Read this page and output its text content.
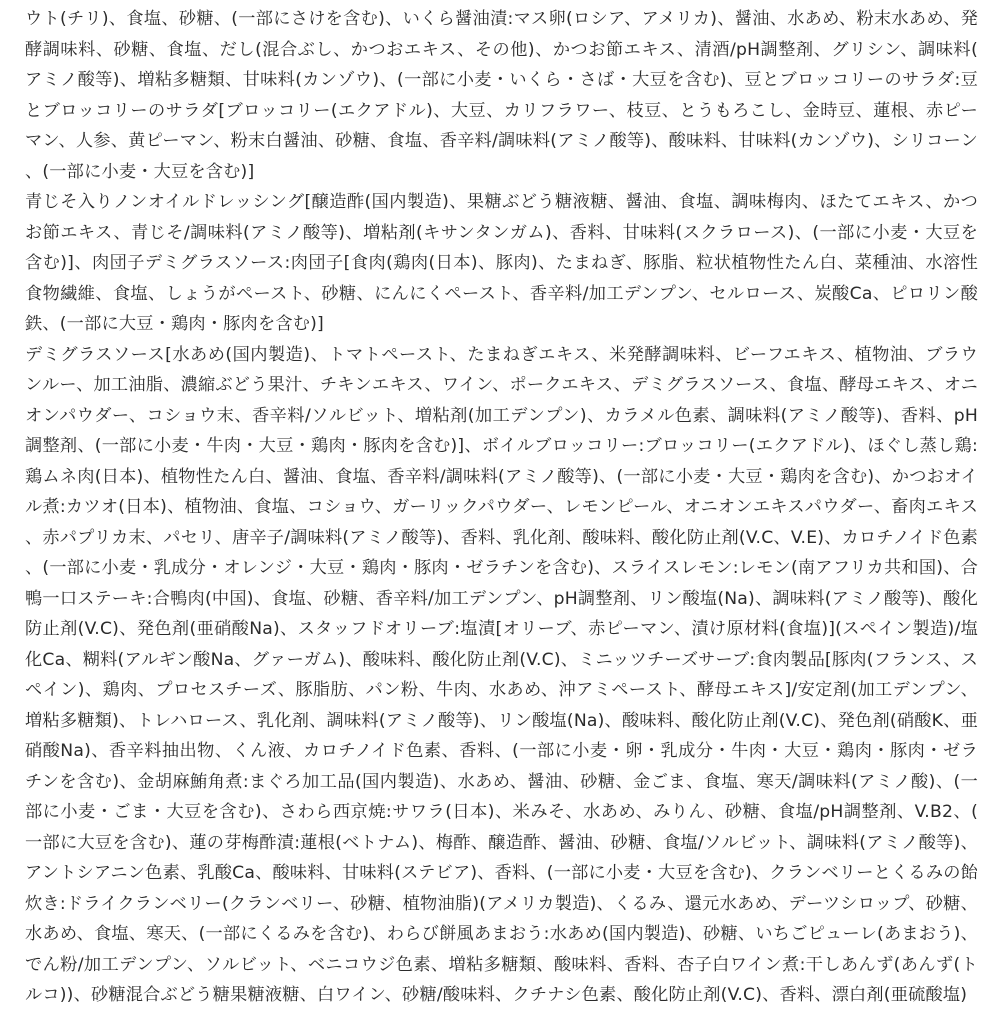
ウト(チリ)、食塩、砂糖、(一部にさけを含む)、いくら醤油漬:マス卵(ロシア、アメリカ)、醤油、水あめ、粉末水あめ、発酵調味料、砂糖、食塩、だし(混合ぶし、かつおエキス、その他)、かつお節エキス、清酒/pH調整剤、グリシン、調味料(アミノ酸等)、増粘多糖類、甘味料(カンゾウ)、(一部に小麦・いくら・さば・大豆を含む)、豆とブロッコリーのサラダ:豆とブロッコリーのサラダ[ブロッコリー(エクアドル)、大豆、カリフラワー、枝豆、とうもろこし、金時豆、蓮根、赤ピーマン、人参、黄ピーマン、粉末白醤油、砂糖、食塩、香辛料/調味料(アミノ酸等)、酸味料、甘味料(カンゾウ)、シリコーン、(一部に小麦・大豆を含む)]

青じそ入りノンオイルドレッシング[醸造酢(国内製造)、果糖ぶどう糖液糖、醤油、食塩、調味梅肉、ほたてエキス、かつお節エキス、青じそ/調味料(アミノ酸等)、増粘剤(キサンタンガム)、香料、甘味料(スクラロース)、(一部に小麦・大豆を含む)]、肉団子デミグラスソース:肉団子[食肉(鶏肉(日本)、豚肉)、たまねぎ、豚脂、粒状植物性たん白、菜種油、水溶性食物繊維、食塩、しょうがペースト、砂糖、にんにくペースト、香辛料/加工デンプン、セルロース、炭酸Ca、ピロリン酸鉄、(一部に大豆・鶏肉・豚肉を含む)]

デミグラスソース[水あめ(国内製造)、トマトペースト、たまねぎエキス、米発酵調味料、ビーフエキス、植物油、ブラウンルー、加工油脂、濃縮ぶどう果汁、チキンエキス、ワイン、ポークエキス、デミグラスソース、食塩、酵母エキス、オニオンパウダー、コショウ末、香辛料/ソルビット、増粘剤(加工デンプン)、カラメル色素、調味料(アミノ酸等)、香料、pH調整剤、(一部に小麦・牛肉・大豆・鶏肉・豚肉を含む)]、ボイルブロッコリー:ブロッコリー(エクアドル)、ほぐし蒸し鶏:鶏ムネ肉(日本)、植物性たん白、醤油、食塩、香辛料/調味料(アミノ酸等)、(一部に小麦・大豆・鶏肉を含む)、かつおオイル煮:カツオ(日本)、植物油、食塩、コショウ、ガーリックパウダー、レモンピール、オニオンエキスパウダー、畜肉エキス、赤パプリカ末、パセリ、唐辛子/調味料(アミノ酸等)、香料、乳化剤、酸味料、酸化防止剤(V.C、V.E)、カロチノイド色素、(一部に小麦・乳成分・オレンジ・大豆・鶏肉・豚肉・ゼラチンを含む)、スライスレモン:レモン(南アフリカ共和国)、合鴨一口ステーキ:合鴨肉(中国)、食塩、砂糖、香辛料/加工デンプン、pH調整剤、リン酸塩(Na)、調味料(アミノ酸等)、酸化防止剤(V.C)、発色剤(亜硝酸Na)、スタッフドオリーブ:塩漬[オリーブ、赤ピーマン、漬け原材料(食塩)](スペイン製造)/塩化Ca、糊料(アルギン酸Na、グァーガム)、酸味料、酸化防止剤(V.C)、ミニッツチーズサーブ:食肉製品[豚肉(フランス、スペイン)、鶏肉、プロセスチーズ、豚脂肪、パン粉、牛肉、水あめ、沖アミペースト、酵母エキス]/安定剤(加工デンプン、増粘多糖類)、トレハロース、乳化剤、調味料(アミノ酸等)、リン酸塩(Na)、酸味料、酸化防止剤(V.C)、発色剤(硝酸K、亜硝酸Na)、香辛料抽出物、くん液、カロチノイド色素、香料、(一部に小麦・卵・乳成分・牛肉・大豆・鶏肉・豚肉・ゼラチンを含む)、金胡麻鮪角煮:まぐろ加工品(国内製造)、水あめ、醤油、砂糖、金ごま、食塩、寒天/調味料(アミノ酸)、(一部に小麦・ごま・大豆を含む)、さわら西京焼:サワラ(日本)、米みそ、水あめ、みりん、砂糖、食塩/pH調整剤、V.B2、(一部に大豆を含む)、蓮の芽梅酢漬:蓮根(ベトナム)、梅酢、醸造酢、醤油、砂糖、食塩/ソルビット、調味料(アミノ酸等)、アントシアニン色素、乳酸Ca、酸味料、甘味料(ステビア)、香料、(一部に小麦・大豆を含む)、クランベリーとくるみの飴炊き:ドライクランベリー(クランベリー、砂糖、植物油脂)(アメリカ製造)、くるみ、還元水あめ、デーツシロップ、砂糖、水あめ、食塩、寒天、(一部にくるみを含む)、わらび餅風あまおう:水あめ(国内製造)、砂糖、いちごピューレ(あまおう)、でん粉/加工デンプン、ソルビット、ベニコウジ色素、増粘多糖類、酸味料、香料、杏子白ワイン煮:干しあんず(あんず(トルコ))、砂糖混合ぶどう糖果糖液糖、白ワイン、砂糖/酸味料、クチナシ色素、酸化防止剤(V.C)、香料、漂白剤(亜硫酸塩)
